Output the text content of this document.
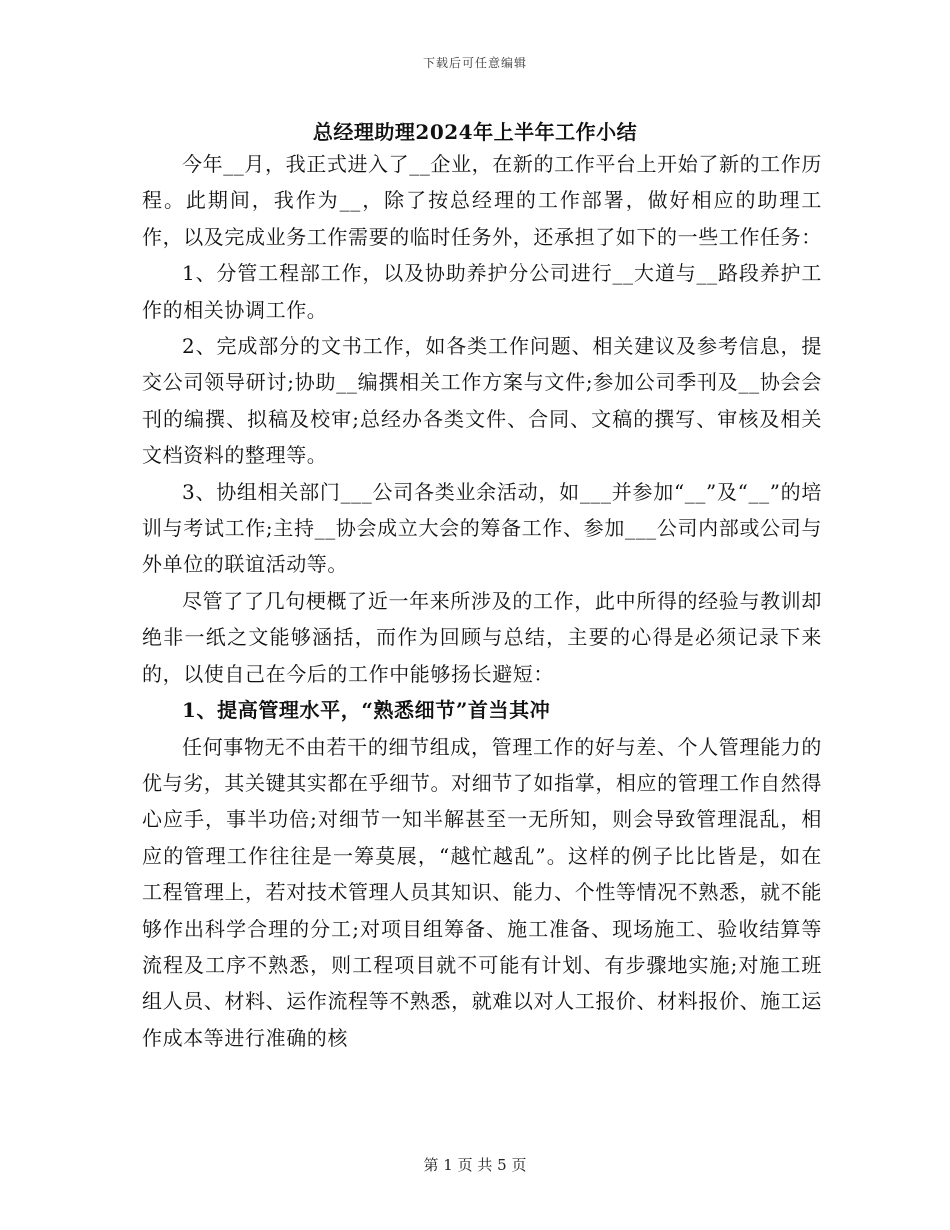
下载后可任意编辑
总经理助理2024年上半年工作小结

今年__月，我正式进入了__企业，在新的工作平台上开始了新的工作历程。此期间，我作为__，除了按总经理的工作部署，做好相应的助理工作，以及完成业务工作需要的临时任务外，还承担了如下的一些工作任务：

1、分管工程部工作，以及协助养护分公司进行__大道与__路段养护工作的相关协调工作。

2、完成部分的文书工作，如各类工作问题、相关建议及参考信息，提交公司领导研讨;协助__编撰相关工作方案与文件;参加公司季刊及__协会会刊的编撰、拟稿及校审;总经办各类文件、合同、文稿的撰写、审核及相关文档资料的整理等。

3、协组相关部门___公司各类业余活动，如___并参加“__”及“__”的培训与考试工作;主持__协会成立大会的筹备工作、参加___公司内部或公司与外单位的联谊活动等。

尽管了了几句梗概了近一年来所涉及的工作，此中所得的经验与教训却绝非一纸之文能够涵括，而作为回顾与总结，主要的心得是必须记录下来的，以使自己在今后的工作中能够扬长避短：

1、提高管理水平，“熟悉细节”首当其冲

任何事物无不由若干的细节组成，管理工作的好与差、个人管理能力的优与劣，其关键其实都在乎细节。对细节了如指掌，相应的管理工作自然得心应手，事半功倍;对细节一知半解甚至一无所知，则会导致管理混乱，相应的管理工作往往是一筹莫展，“越忙越乱”。这样的例子比比皆是，如在工程管理上，若对技术管理人员其知识、能力、个性等情况不熟悉，就不能够作出科学合理的分工;对项目组筹备、施工准备、现场施工、验收结算等流程及工序不熟悉，则工程项目就不可能有计划、有步骤地实施;对施工班组人员、材料、运作流程等不熟悉，就难以对人工报价、材料报价、施工运作成本等进行准确的核

第 1 页 共 5 页
